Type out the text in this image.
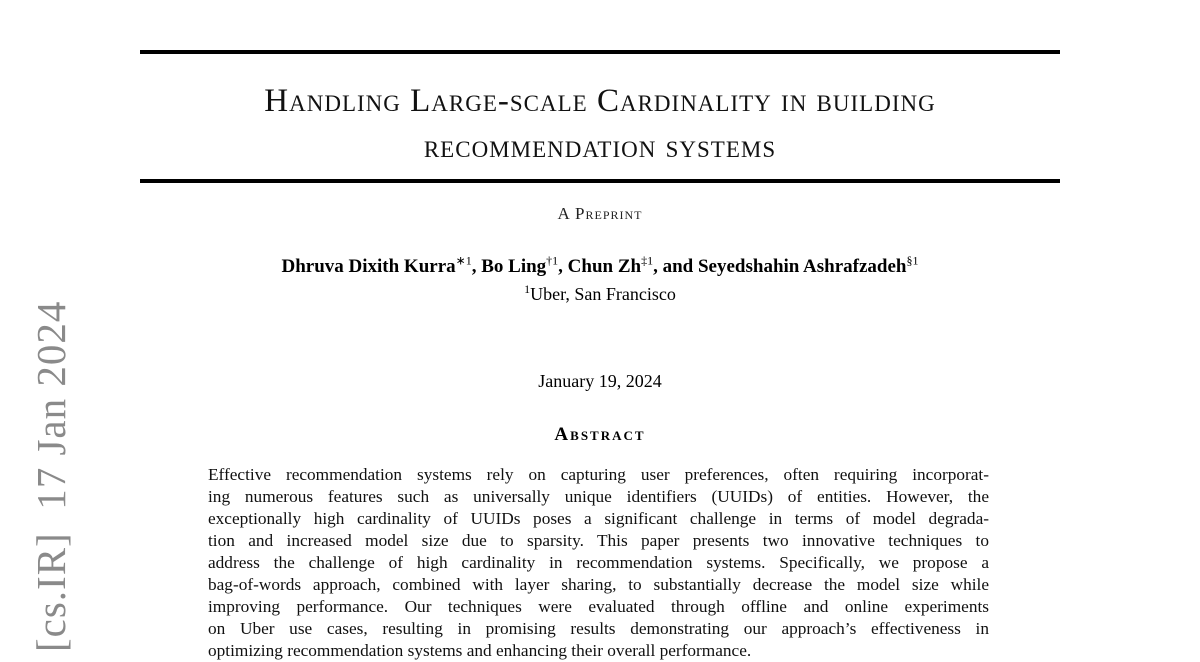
[cs.IR]  17 Jan 2024
Handling Large-scale Cardinality in building
recommendation systems
A Preprint
Dhruva Dixith Kurra$^{∗1}$, Bo Ling$^{\dagger 1}$, Chun Zh$^{\ddagger 1}$, and Seyedshahin Ashrafzadeh$^{\S 1}$
$^1$Uber, San Francisco
January 19, 2024
Abstract
Effective recommendation systems rely on capturing user preferences, often requiring incorporat-
ing numerous features such as universally unique identifiers (UUIDs) of entities. However, the
exceptionally high cardinality of UUIDs poses a significant challenge in terms of model degrada-
tion and increased model size due to sparsity. This paper presents two innovative techniques to
address the challenge of high cardinality in recommendation systems. Specifically, we propose a
bag-of-words approach, combined with layer sharing, to substantially decrease the model size while
improving performance. Our techniques were evaluated through offline and online experiments
on Uber use cases, resulting in promising results demonstrating our approach’s effectiveness in
optimizing recommendation systems and enhancing their overall performance.
